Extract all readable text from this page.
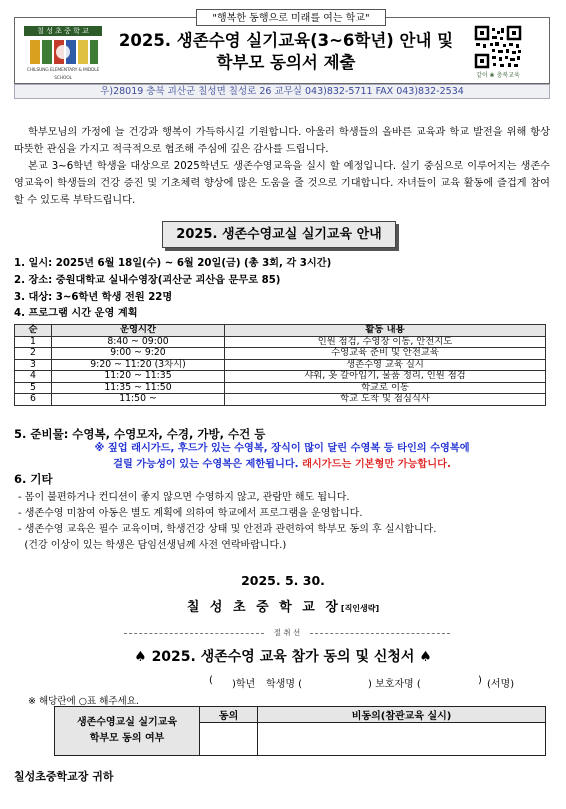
"행복한 동행으로 미래를 여는 학교"
칠 성 초 중 학 교
CHILSUNG ELEMENTARY & MIDDLE SCHOOL
2025. 생존수영 실기교육(3~6학년) 안내 및
학부모 동의서 제출
같이 ❀ 충북교육
우)28019 충북 괴산군 칠성면 칠성로 26 교무실 043)832-5711 FAX 043)832-2534

학부모님의 가정에 늘 건강과 행복이 가득하시길 기원합니다. 아울러 학생들의 올바른 교육과 학교 발전을 위해 항상 따뜻한 관심을 가지고 적극적으로 협조해 주심에 깊은 감사를 드립니다.

본교 3~6학년 학생을 대상으로 2025학년도 생존수영교육을 실시 할 예정입니다. 실기 중심으로 이루어지는 생존수영교육이 학생들의 건강 증진 및 기초체력 향상에 많은 도움을 줄 것으로 기대합니다. 자녀들이 교육 활동에 즐겁게 참여할 수 있도록 부탁드립니다.

2025. 생존수영교실 실기교육 안내
1. 일시: 2025년 6월 18일(수) ~ 6월 20일(금) (총 3회, 각 3시간)
2. 장소: 중원대학교 실내수영장(괴산군 괴산읍 문무로 85)
3. 대상: 3~6학년 학생 전원 22명
4. 프로그램 시간 운영 계획
순	운영시간	활동 내용
1	8:40 ~ 09:00	인원 점검, 수영장 이동, 안전지도
2	9:00 ~ 9:20	수영교육 준비 및 안전교육
3	9:20 ~ 11:20 (3차시)	생존수영 교육 실시
4	11:20 ~ 11:35	샤워, 옷 갈아입기, 물품 정리, 인원 점검
5	11:35 ~ 11:50	학교로 이동
6	11:50 ~	학교 도착 및 점심식사
5. 준비물: 수영복, 수영모자, 수경, 가방, 수건 등
※ 짚업 래시가드, 후드가 있는 수영복, 장식이 많이 달린 수영복 등 타인의 수영복에
걸릴 가능성이 있는 수영복은 제한됩니다. 래시가드는 기본형만 가능합니다.
6. 기타
- 몸이 불편하거나 컨디션이 좋지 않으면 수영하지 않고, 관람만 해도 됩니다.
- 생존수영 미참여 아동은 별도 계획에 의하여 학교에서 프로그램을 운영합니다.
- 생존수영 교육은 필수 교육이며, 학생건강 상태 및 안전과 관련하여 학부모 동의 후 실시합니다.
(건강 이상이 있는 학생은 담임선생님께 사전 연락바랍니다.)
2025. 5. 30.
칠 성 초 중 학 교 장[직인생략]
절 취 선
♠ 2025. 생존수영 교육 참가 동의 및 신청서 ♠
( )학년 학생명 (	) 보호자명 (	) (서명)
※ 해당란에 ○표 해주세요.
생존수영교실 실기교육
학부모 동의 여부	동의	비동의(참관교육 실시)

칠성초중학교장 귀하
